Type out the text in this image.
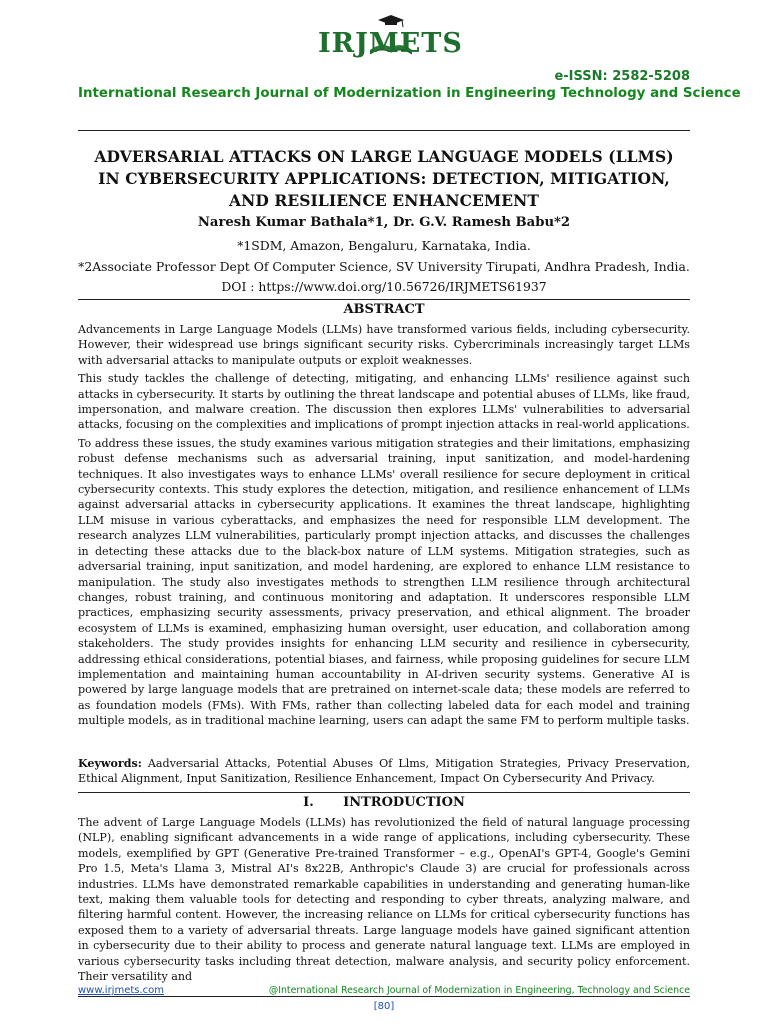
IRJMETS
e-ISSN: 2582-5208
International Research Journal of Modernization in Engineering Technology and Science
ADVERSARIAL ATTACKS ON LARGE LANGUAGE MODELS (LLMS) IN CYBERSECURITY APPLICATIONS: DETECTION, MITIGATION, AND RESILIENCE ENHANCEMENT
Naresh Kumar Bathala*1, Dr. G.V. Ramesh Babu*2
*1SDM, Amazon, Bengaluru, Karnataka, India.
*2Associate Professor Dept Of Computer Science, SV University Tirupati, Andhra Pradesh, India.
DOI : https://www.doi.org/10.56726/IRJMETS61937
ABSTRACT

Advancements in Large Language Models (LLMs) have transformed various fields, including cybersecurity. However, their widespread use brings significant security risks. Cybercriminals increasingly target LLMs with adversarial attacks to manipulate outputs or exploit weaknesses.

This study tackles the challenge of detecting, mitigating, and enhancing LLMs' resilience against such attacks in cybersecurity. It starts by outlining the threat landscape and potential abuses of LLMs, like fraud, impersonation, and malware creation. The discussion then explores LLMs' vulnerabilities to adversarial attacks, focusing on the complexities and implications of prompt injection attacks in real-world applications.

To address these issues, the study examines various mitigation strategies and their limitations, emphasizing robust defense mechanisms such as adversarial training, input sanitization, and model-hardening techniques. It also investigates ways to enhance LLMs' overall resilience for secure deployment in critical cybersecurity contexts. This study explores the detection, mitigation, and resilience enhancement of LLMs against adversarial attacks in cybersecurity applications. It examines the threat landscape, highlighting LLM misuse in various cyberattacks, and emphasizes the need for responsible LLM development. The research analyzes LLM vulnerabilities, particularly prompt injection attacks, and discusses the challenges in detecting these attacks due to the black-box nature of LLM systems. Mitigation strategies, such as adversarial training, input sanitization, and model hardening, are explored to enhance LLM resistance to manipulation. The study also investigates methods to strengthen LLM resilience through architectural changes, robust training, and continuous monitoring and adaptation. It underscores responsible LLM practices, emphasizing security assessments, privacy preservation, and ethical alignment. The broader ecosystem of LLMs is examined, emphasizing human oversight, user education, and collaboration among stakeholders. The study provides insights for enhancing LLM security and resilience in cybersecurity, addressing ethical considerations, potential biases, and fairness, while proposing guidelines for secure LLM implementation and maintaining human accountability in AI-driven security systems. Generative AI is powered by large language models that are pretrained on internet-scale data; these models are referred to as foundation models (FMs). With FMs, rather than collecting labeled data for each model and training multiple models, as in traditional machine learning, users can adapt the same FM to perform multiple tasks.

Keywords: Aadversarial Attacks, Potential Abuses Of Llms, Mitigation Strategies, Privacy Preservation, Ethical Alignment, Input Sanitization, Resilience Enhancement, Impact On Cybersecurity And Privacy.
I. INTRODUCTION
The advent of Large Language Models (LLMs) has revolutionized the field of natural language processing (NLP), enabling significant advancements in a wide range of applications, including cybersecurity. These models, exemplified by GPT (Generative Pre-trained Transformer – e.g., OpenAI's GPT-4, Google's Gemini Pro 1.5, Meta's Llama 3, Mistral AI's 8x22B, Anthropic's Claude 3) are crucial for professionals across industries. LLMs have demonstrated remarkable capabilities in understanding and generating human-like text, making them valuable tools for detecting and responding to cyber threats, analyzing malware, and filtering harmful content. However, the increasing reliance on LLMs for critical cybersecurity functions has exposed them to a variety of adversarial threats. Large language models have gained significant attention in cybersecurity due to their ability to process and generate natural language text. LLMs are employed in various cybersecurity tasks including threat detection, malware analysis, and security policy enforcement. Their versatility and
www.irjmets.com	@International Research Journal of Modernization in Engineering, Technology and Science
[80]
